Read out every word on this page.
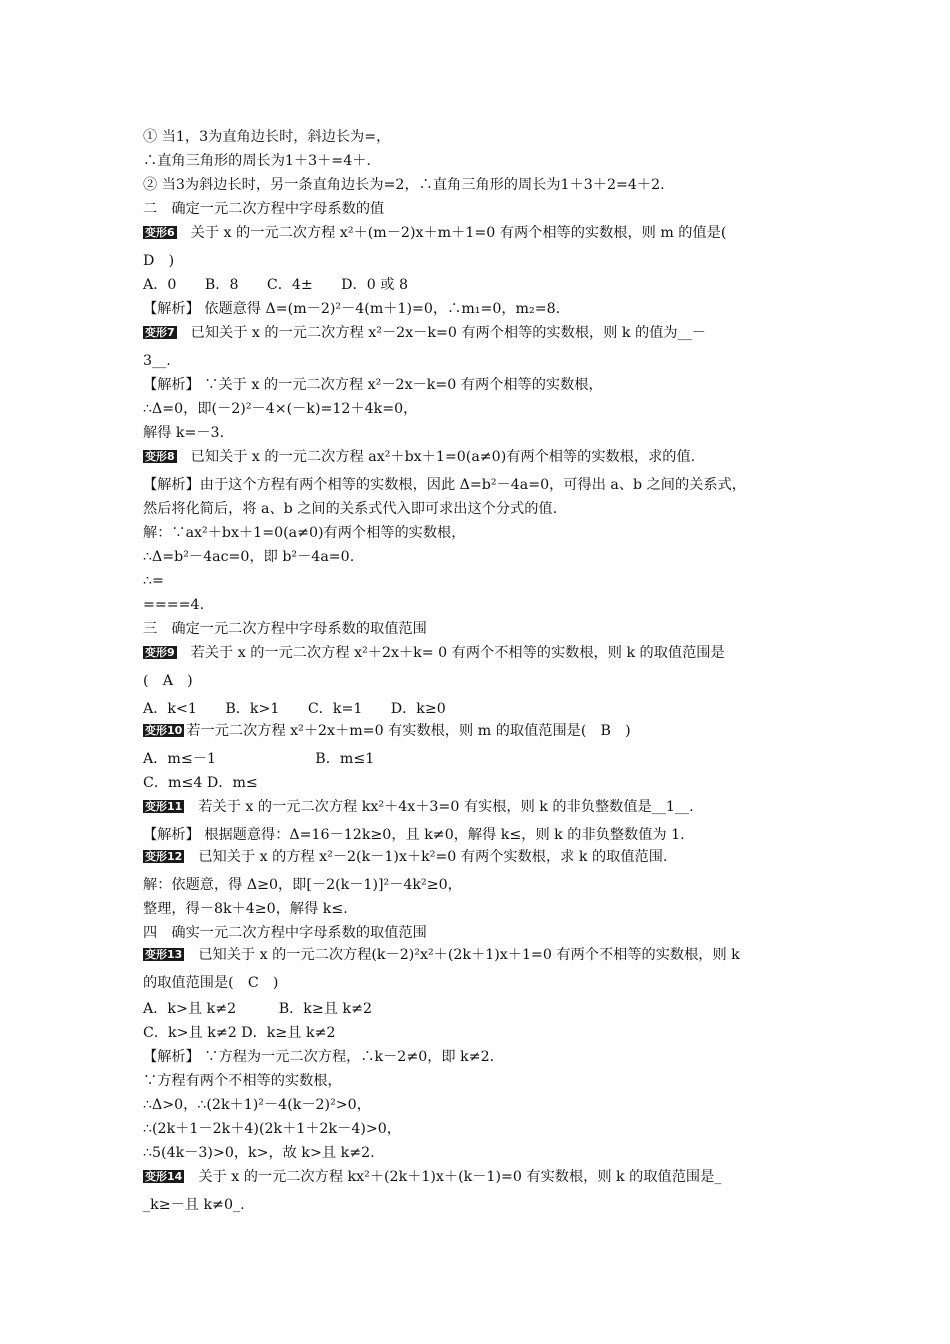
① 当1，3为直角边长时，斜边长为=，
∴直角三角形的周长为1＋3＋=4＋.
② 当3为斜边长时，另一条直角边长为=2，∴直角三角形的周长为1＋3＋2=4＋2.
二　确定一元二次方程中字母系数的值
变形6 关于 x 的一元二次方程 x²＋(m－2)x＋m＋1=0 有两个相等的实数根，则 m 的值是(
D　)
A．0　　B．8　　C．4±　　D．0 或 8
【解析】 依题意得 Δ=(m－2)²－4(m＋1)=0，∴m₁=0，m₂=8.
变形7 已知关于 x 的一元二次方程 x²－2x－k=0 有两个相等的实数根，则 k 的值为__－
3__.
【解析】 ∵关于 x 的一元二次方程 x²－2x－k=0 有两个相等的实数根，
∴Δ=0，即(－2)²－4×(－k)=12＋4k=0，
解得 k=－3.
变形8 已知关于 x 的一元二次方程 ax²＋bx＋1=0(a≠0)有两个相等的实数根，求的值.
【解析】由于这个方程有两个相等的实数根，因此 Δ=b²－4a=0，可得出 a、b 之间的关系式，
然后将化简后，将 a、b 之间的关系式代入即可求出这个分式的值.
解：∵ax²＋bx＋1=0(a≠0)有两个相等的实数根，
∴Δ=b²－4ac=0，即 b²－4a=0.
∴=
====4.
三　确定一元二次方程中字母系数的取值范围
变形9 若关于 x 的一元二次方程 x²＋2x＋k= 0 有两个不相等的实数根，则 k 的取值范围是
(　A　)
A．k<1　　B．k>1　　C．k=1　　D．k≥0
变形10 若一元二次方程 x²＋2x＋m=0 有实数根，则 m 的取值范围是(　B　)
A．m≤－1　　　　　　　B．m≤1
C．m≤4 D．m≤
变形11 若关于 x 的一元二次方程 kx²＋4x＋3=0 有实根，则 k 的非负整数值是__1__.
【解析】 根据题意得：Δ=16－12k≥0，且 k≠0，解得 k≤，则 k 的非负整数值为 1.
变形12 已知关于 x 的方程 x²－2(k－1)x＋k²=0 有两个实数根，求 k 的取值范围.
解：依题意，得 Δ≥0，即[－2(k－1)]²－4k²≥0，
整理，得－8k＋4≥0，解得 k≤.
四　确实一元二次方程中字母系数的取值范围
变形13 已知关于 x 的一元二次方程(k－2)²x²＋(2k＋1)x＋1=0 有两个不相等的实数根，则 k
的取值范围是(　C　)
A．k>且 k≠2　　　B．k≥且 k≠2
C．k>且 k≠2 D．k≥且 k≠2
【解析】 ∵方程为一元二次方程，∴k－2≠0，即 k≠2.
∵方程有两个不相等的实数根，
∴Δ>0，∴(2k＋1)²－4(k－2)²>0，
∴(2k＋1－2k＋4)(2k＋1＋2k－4)>0，
∴5(4k－3)>0，k>，故 k>且 k≠2.
变形14 关于 x 的一元二次方程 kx²＋(2k＋1)x＋(k－1)=0 有实数根，则 k 的取值范围是_
_k≥－且 k≠0_.
